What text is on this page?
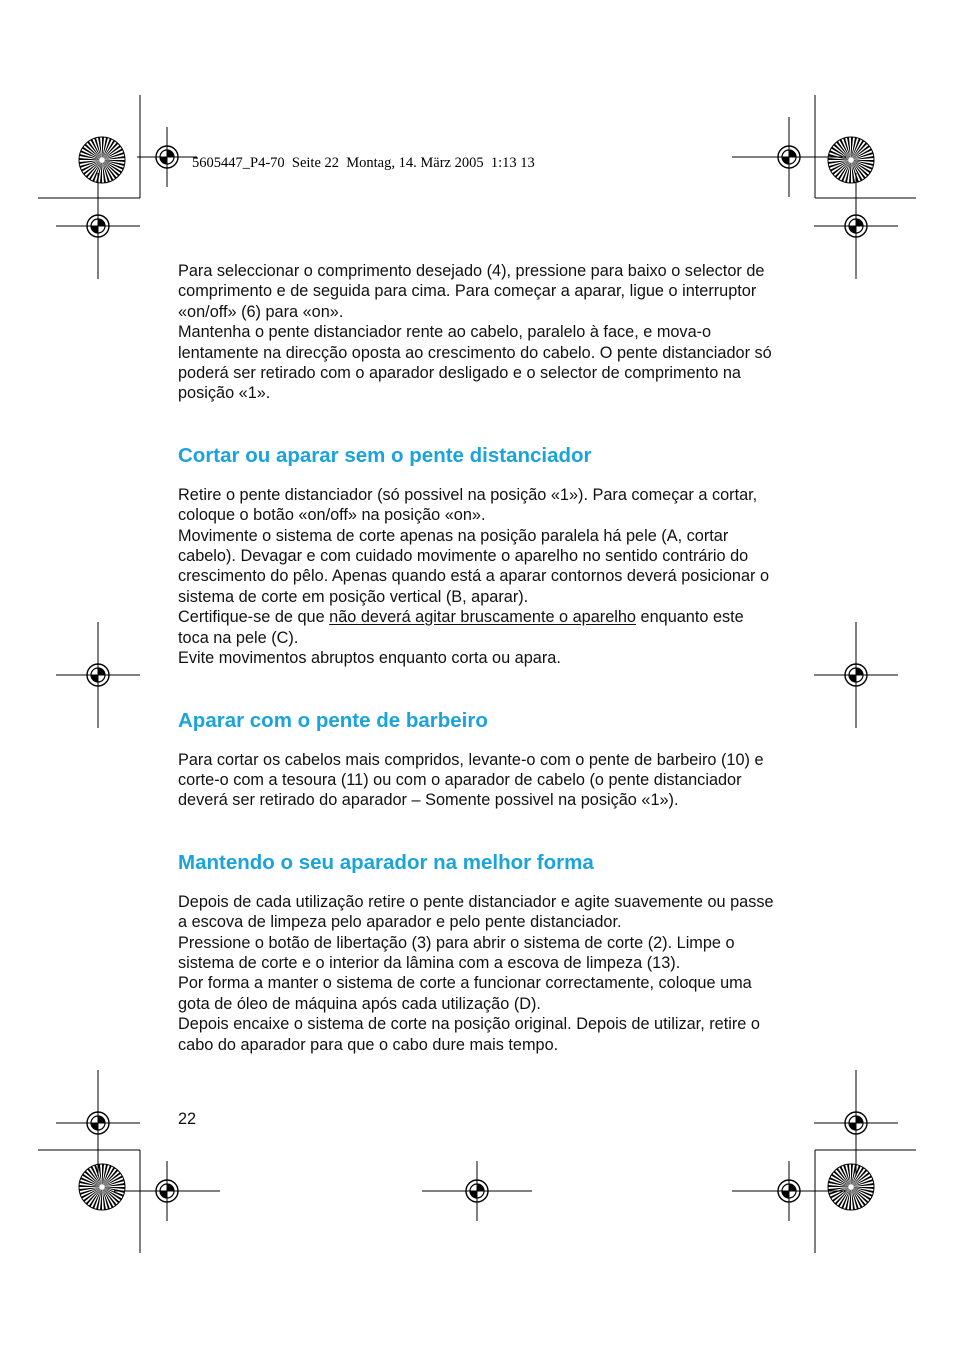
5605447_P4-70  Seite 22  Montag, 14. März 2005  1:13 13

Para seleccionar o comprimento desejado (4), pressione para baixo o selector de comprimento e de seguida para cima. Para começar a aparar, ligue o interruptor «on/off» (6) para «on».

Mantenha o pente distanciador rente ao cabelo, paralelo à face, e mova-o lentamente na direcção oposta ao crescimento do cabelo. O pente distanciador só poderá ser retirado com o aparador desligado e o selector de comprimento na posição «1».

Cortar ou aparar sem o pente distanciador

Retire o pente distanciador (só possivel na posição «1»). Para começar a cortar, coloque o botão «on/off» na posição «on».

Movimente o sistema de corte apenas na posição paralela há pele (A, cortar cabelo). Devagar e com cuidado movimente o aparelho no sentido contrário do crescimento do pêlo. Apenas quando está a aparar contornos deverá posicionar o sistema de corte em posição vertical (B, aparar).

Certifique-se de que não deverá agitar bruscamente o aparelho enquanto este toca na pele (C).

Evite movimentos abruptos enquanto corta ou apara.

Aparar com o pente de barbeiro

Para cortar os cabelos mais compridos, levante-o com o pente de barbeiro (10) e corte-o com a tesoura (11) ou com o aparador de cabelo (o pente distanciador deverá ser retirado do aparador – Somente possivel na posição «1»).

Mantendo o seu aparador na melhor forma

Depois de cada utilização retire o pente distanciador e agite suavemente ou passe a escova de limpeza pelo aparador e pelo pente distanciador.

Pressione o botão de libertação (3) para abrir o sistema de corte (2). Limpe o sistema de corte e o interior da lâmina com a escova de limpeza (13).

Por forma a manter o sistema de corte a funcionar correctamente, coloque uma gota de óleo de máquina após cada utilização (D).

Depois encaixe o sistema de corte na posição original. Depois de utilizar, retire o cabo do aparador para que o cabo dure mais tempo.

22
